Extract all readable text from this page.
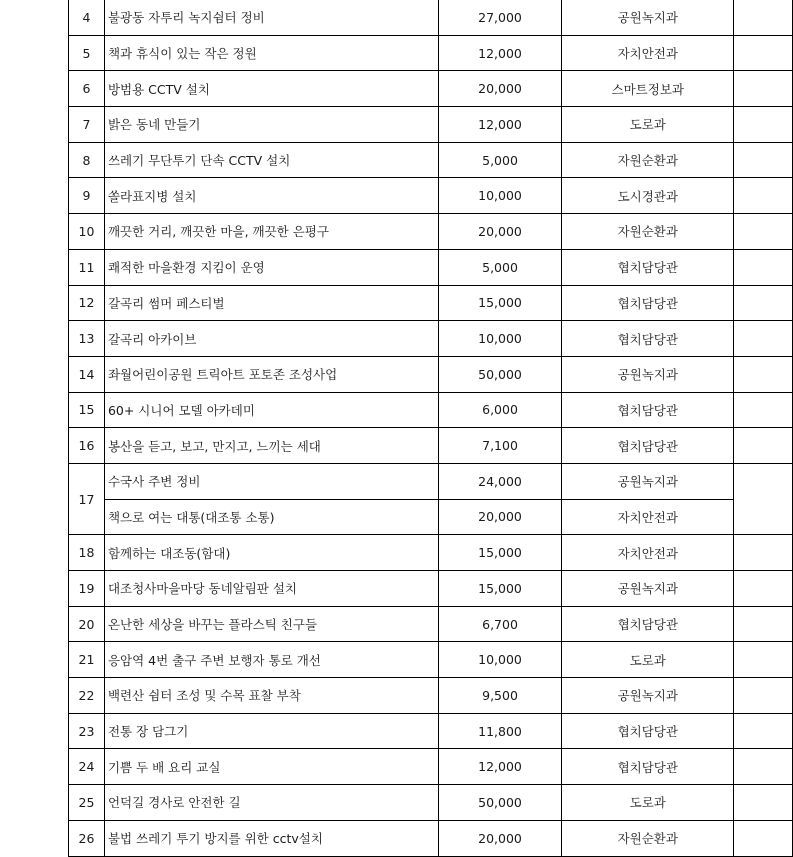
4	불광동 자투리 녹지쉼터 정비	27,000	공원녹지과	
5	책과 휴식이 있는 작은 정원	12,000	자치안전과	
6	방범용 CCTV 설치	20,000	스마트정보과	
7	밝은 동네 만들기	12,000	도로과	
8	쓰레기 무단투기 단속 CCTV 설치	5,000	자원순환과	
9	쏠라표지병 설치	10,000	도시경관과	
10	깨끗한 거리, 깨끗한 마을, 깨끗한 은평구	20,000	자원순환과	
11	쾌적한 마을환경 지킴이 운영	5,000	협치담당관	
12	갈곡리 썸머 페스티벌	15,000	협치담당관	
13	갈곡리 아카이브	10,000	협치담당관	
14	좌월어린이공원 트릭아트 포토존 조성사업	50,000	공원녹지과	
15	60+ 시니어 모델 아카데미	6,000	협치담당관	
16	봉산을 듣고, 보고, 만지고, 느끼는 세대	7,100	협치담당관	
17	수국사 주변 정비	24,000	공원녹지과	
	책으로 여는 대통(대조통 소통)	20,000	자치안전과	
18	함께하는 대조동(함대)	15,000	자치안전과	
19	대조청사마을마당 동네알림판 설치	15,000	공원녹지과	
20	온난한 세상을 바꾸는 플라스틱 친구들	6,700	협치담당관	
21	응암역 4번 출구 주변 보행자 통로 개선	10,000	도로과	
22	백련산 쉼터 조성 및 수목 표찰 부착	9,500	공원녹지과	
23	전통 장 담그기	11,800	협치담당관	
24	기쁨 두 배 요리 교실	12,000	협치담당관	
25	언덕길 경사로 안전한 길	50,000	도로과	
26	불법 쓰레기 투기 방지를 위한 cctv설치	20,000	자원순환과	
